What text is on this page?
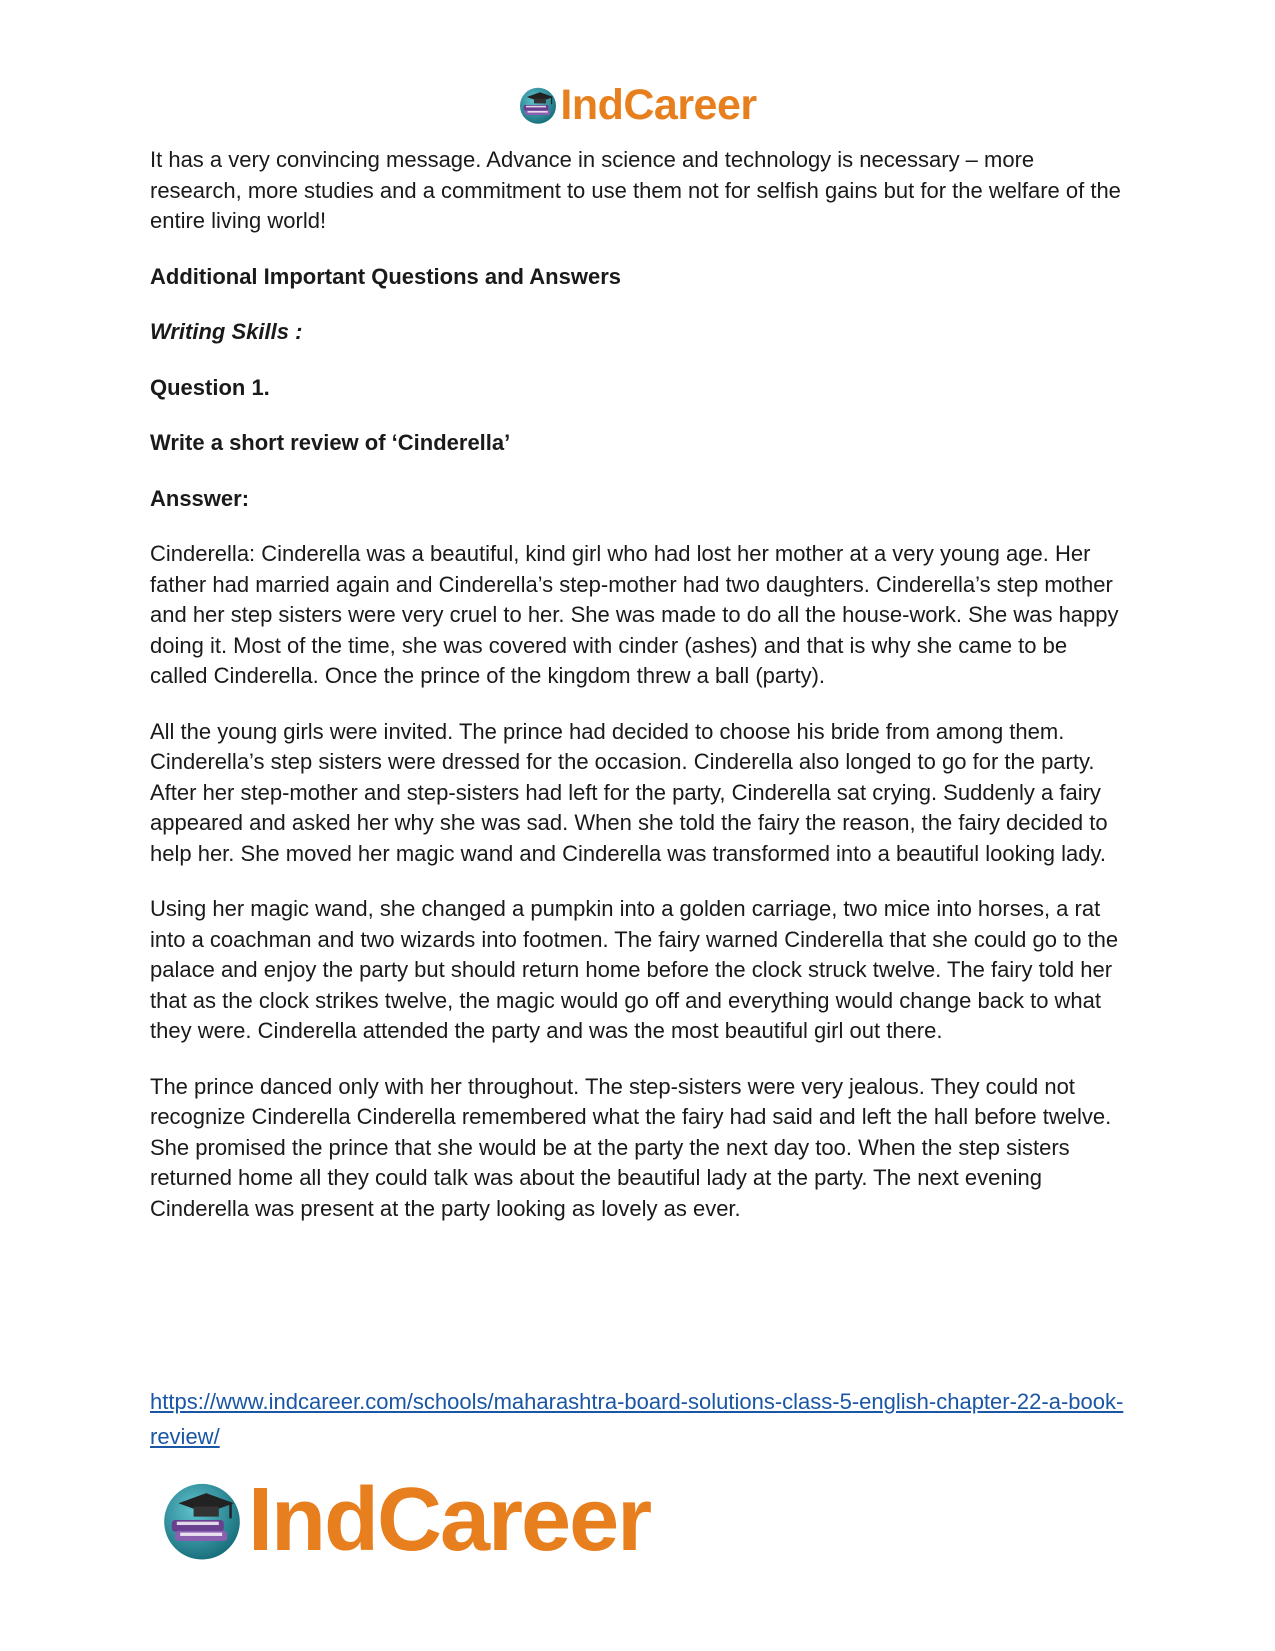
IndCareer

It has a very convincing message. Advance in science and technology is necessary – more research, more studies and a commitment to use them not for selfish gains but for the welfare of the entire living world!

Additional Important Questions and Answers

Writing Skills :

Question 1.

Write a short review of ‘Cinderella’

Ansswer:

Cinderella: Cinderella was a beautiful, kind girl who had lost her mother at a very young age. Her father had married again and Cinderella’s step-mother had two daughters. Cinderella’s step mother and her step sisters were very cruel to her. She was made to do all the house-work. She was happy doing it. Most of the time, she was covered with cinder (ashes) and that is why she came to be called Cinderella. Once the prince of the kingdom threw a ball (party).

All the young girls were invited. The prince had decided to choose his bride from among them. Cinderella’s step sisters were dressed for the occasion. Cinderella also longed to go for the party. After her step-mother and step-sisters had left for the party, Cinderella sat crying. Suddenly a fairy appeared and asked her why she was sad. When she told the fairy the reason, the fairy decided to help her. She moved her magic wand and Cinderella was transformed into a beautiful looking lady.

Using her magic wand, she changed a pumpkin into a golden carriage, two mice into horses, a rat into a coachman and two wizards into footmen. The fairy warned Cinderella that she could go to the palace and enjoy the party but should return home before the clock struck twelve. The fairy told her that as the clock strikes twelve, the magic would go off and everything would change back to what they were. Cinderella attended the party and was the most beautiful girl out there.

The prince danced only with her throughout. The step-sisters were very jealous. They could not recognize Cinderella Cinderella remembered what the fairy had said and left the hall before twelve. She promised the prince that she would be at the party the next day too. When the step sisters returned home all they could talk was about the beautiful lady at the party. The next evening Cinderella was present at the party looking as lovely as ever.

https://www.indcareer.com/schools/maharashtra-board-solutions-class-5-english-chapter-22-a-book-review/
IndCareer
